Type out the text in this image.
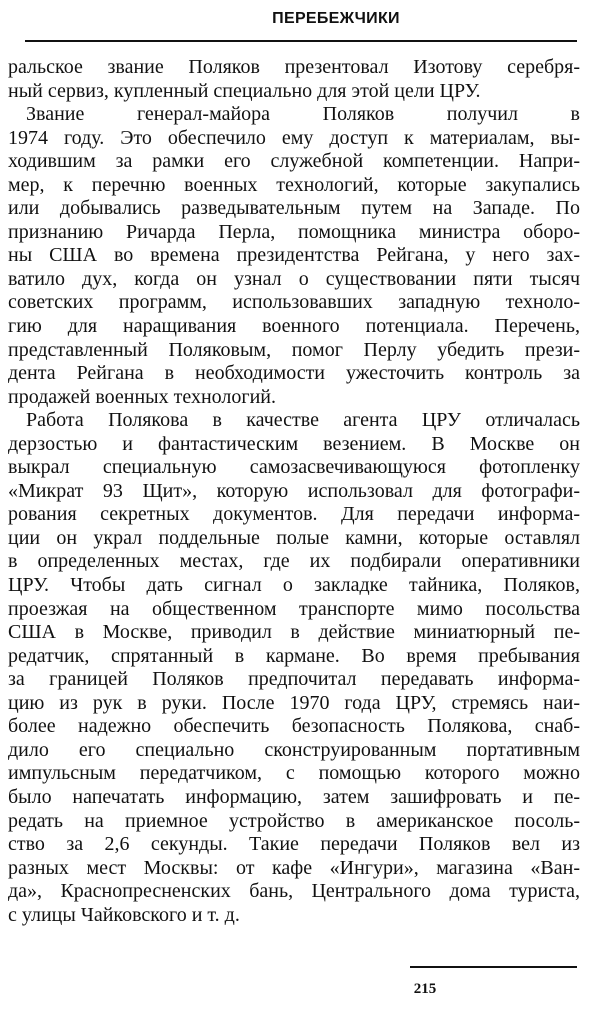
ПЕРЕБЕЖЧИКИ
ральское звание Поляков презентовал Изотову серебря-
ный сервиз, купленный специально для этой цели ЦРУ.
Звание генерал-майора Поляков получил в
1974 году. Это обеспечило ему доступ к материалам, вы-
ходившим за рамки его служебной компетенции. Напри-
мер, к перечню военных технологий, которые закупались
или добывались разведывательным путем на Западе. По
признанию Ричарда Перла, помощника министра оборо-
ны США во времена президентства Рейгана, у него зах-
ватило дух, когда он узнал о существовании пяти тысяч
советских программ, использовавших западную техноло-
гию для наращивания военного потенциала. Перечень,
представленный Поляковым, помог Перлу убедить прези-
дента Рейгана в необходимости ужесточить контроль за
продажей военных технологий.
Работа Полякова в качестве агента ЦРУ отличалась
дерзостью и фантастическим везением. В Москве он
выкрал специальную самозасвечивающуюся фотопленку
«Микрат 93 Щит», которую использовал для фотографи-
рования секретных документов. Для передачи информа-
ции он украл поддельные полые камни, которые оставлял
в определенных местах, где их подбирали оперативники
ЦРУ. Чтобы дать сигнал о закладке тайника, Поляков,
проезжая на общественном транспорте мимо посольства
США в Москве, приводил в действие миниатюрный пе-
редатчик, спрятанный в кармане. Во время пребывания
за границей Поляков предпочитал передавать информа-
цию из рук в руки. После 1970 года ЦРУ, стремясь наи-
более надежно обеспечить безопасность Полякова, снаб-
дило его специально сконструированным портативным
импульсным передатчиком, с помощью которого можно
было напечатать информацию, затем зашифровать и пе-
редать на приемное устройство в американское посоль-
ство за 2,6 секунды. Такие передачи Поляков вел из
разных мест Москвы: от кафе «Ингури», магазина «Ван-
да», Краснопресненских бань, Центрального дома туриста,
с улицы Чайковского и т. д.
215
